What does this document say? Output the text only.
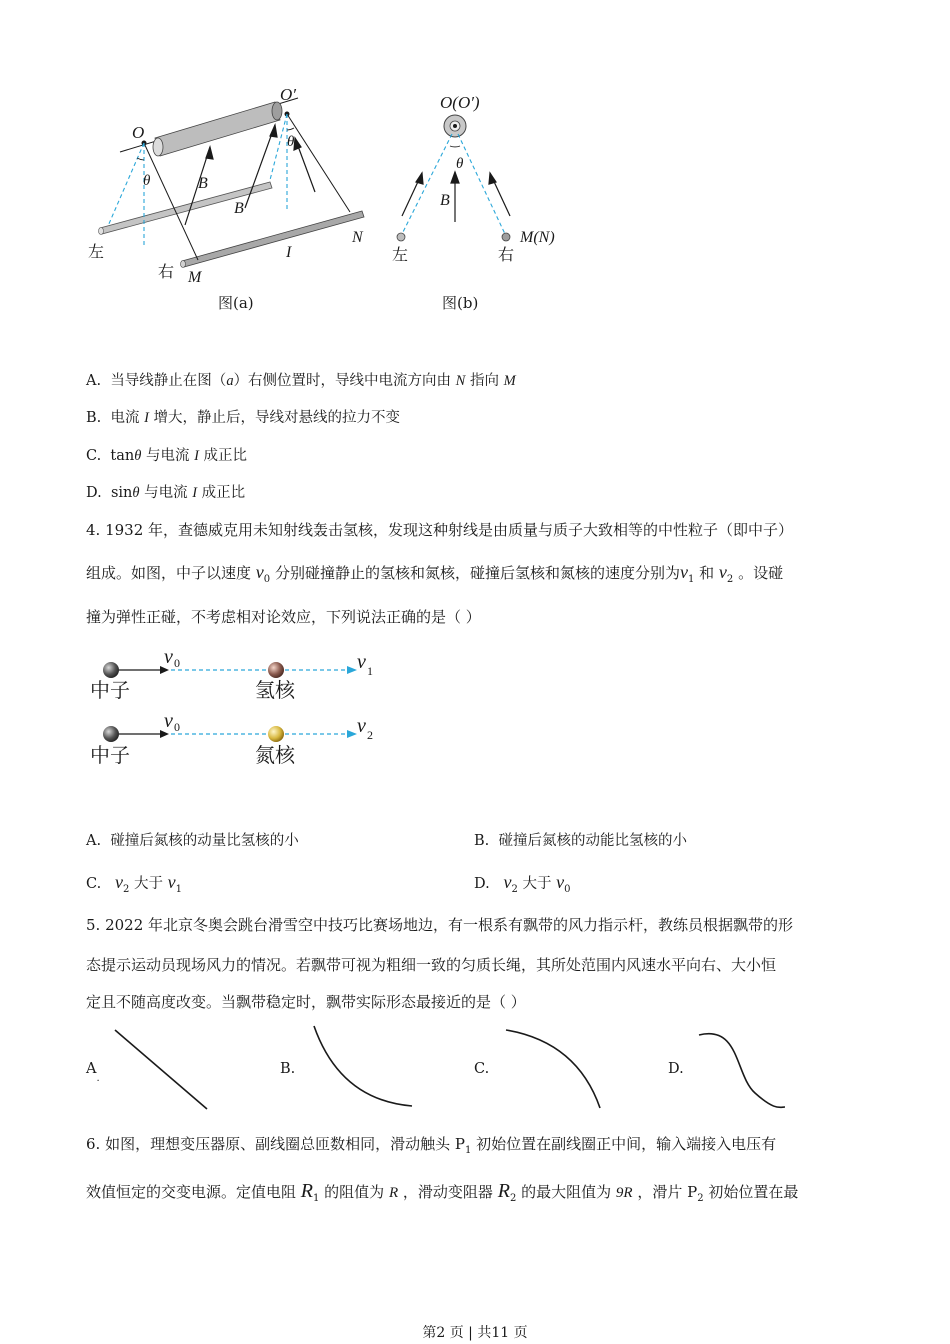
O
O′
θ
θ
B
B
I
N
M
左
右
图(a)
O(O′)
θ
B
左	右
M(N)
图(b)
A. 当导线静止在图（a）右侧位置时，导线中电流方向由 N 指向 M
B. 电流 I 增大，静止后，导线对悬线的拉力不变
C. tanθ 与电流 I 成正比
D. sinθ 与电流 I 成正比
4. 1932 年，查德威克用未知射线轰击氢核，发现这种射线是由质量与质子大致相等的中性粒子（即中子）
组成。如图，中子以速度 $v_0$ 分别碰撞静止的氢核和氮核，碰撞后氢核和氮核的速度分别为$v_1$ 和 $v_2$ 。设碰
撞为弹性正碰，不考虑相对论效应，下列说法正确的是（ ）
v 0	v 1
中子	氢核
v 0	v 2
中子	氮核
A. 碰撞后氮核的动量比氢核的小	B. 碰撞后氮核的动能比氢核的小
C. $v_2$ 大于 $v_1$	D. $v_2$ 大于 $v_0$
5. 2022 年北京冬奥会跳台滑雪空中技巧比赛场地边，有一根系有飘带的风力指示杆，教练员根据飘带的形
态提示运动员现场风力的情况。若飘带可视为粗细一致的匀质长绳，其所处范围内风速水平向右、大小恒
定且不随高度改变。当飘带稳定时，飘带实际形态最接近的是（ ）
$A_.$
B.	C.	D.
6. 如图，理想变压器原、副线圈总匝数相同，滑动触头 $P_1$ 初始位置在副线圈正中间，输入端接入电压有
效值恒定的交变电源。定值电阻 $R_1$ 的阻值为 R ，滑动变阻器 $R_2$ 的最大阻值为 9R ，滑片 $P_2$ 初始位置在最
第2 页 | 共11 页
